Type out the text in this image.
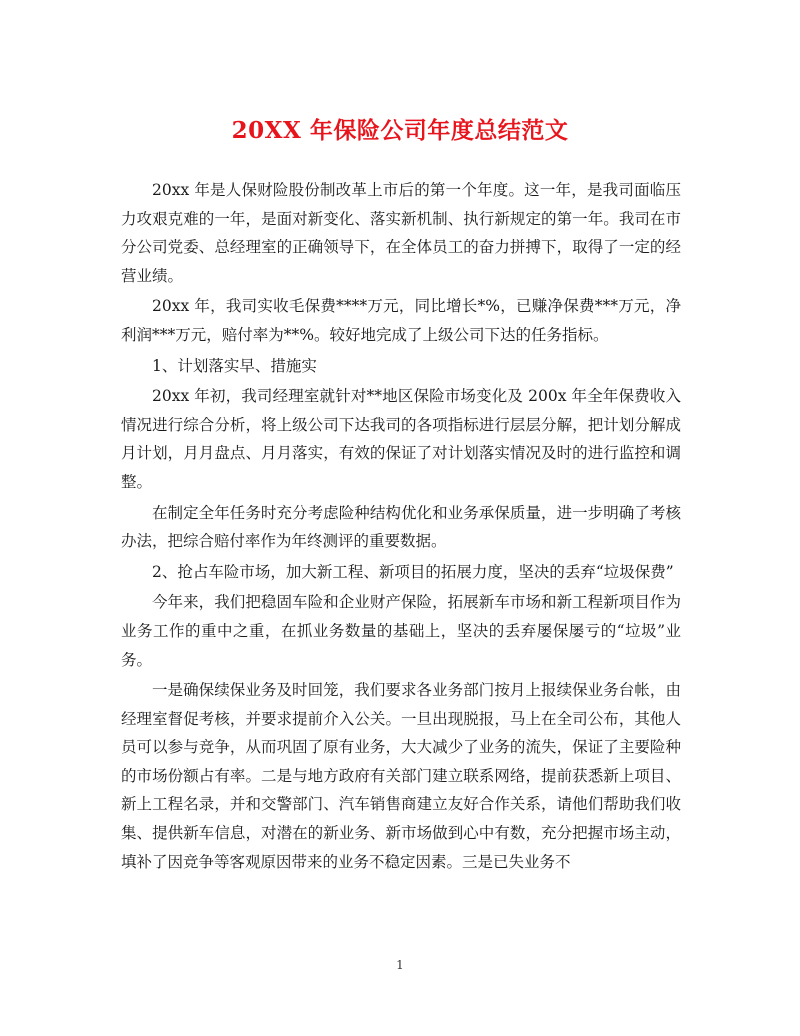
20XX 年保险公司年度总结范文

20xx 年是人保财险股份制改革上市后的第一个年度。这一年，是我司面临压力攻艰克难的一年，是面对新变化、落实新机制、执行新规定的第一年。我司在市分公司党委、总经理室的正确领导下，在全体员工的奋力拼搏下，取得了一定的经营业绩。

20xx 年，我司实收毛保费****万元，同比增长*%，已赚净保费***万元，净利润***万元，赔付率为**%。较好地完成了上级公司下达的任务指标。

1、计划落实早、措施实

20xx 年初，我司经理室就针对**地区保险市场变化及 200x 年全年保费收入情况进行综合分析，将上级公司下达我司的各项指标进行层层分解，把计划分解成月计划，月月盘点、月月落实，有效的保证了对计划落实情况及时的进行监控和调整。

在制定全年任务时充分考虑险种结构优化和业务承保质量，进一步明确了考核办法，把综合赔付率作为年终测评的重要数据。

2、抢占车险市场，加大新工程、新项目的拓展力度，坚决的丢弃“垃圾保费”

今年来，我们把稳固车险和企业财产保险，拓展新车市场和新工程新项目作为业务工作的重中之重，在抓业务数量的基础上，坚决的丢弃屡保屡亏的“垃圾”业务。

一是确保续保业务及时回笼，我们要求各业务部门按月上报续保业务台帐，由经理室督促考核，并要求提前介入公关。一旦出现脱报，马上在全司公布，其他人员可以参与竞争，从而巩固了原有业务，大大减少了业务的流失，保证了主要险种的市场份额占有率。二是与地方政府有关部门建立联系网络，提前获悉新上项目、新上工程名录，并和交警部门、汽车销售商建立友好合作关系，请他们帮助我们收集、提供新车信息，对潜在的新业务、新市场做到心中有数，充分把握市场主动，填补了因竞争等客观原因带来的业务不稳定因素。三是已失业务不

1
